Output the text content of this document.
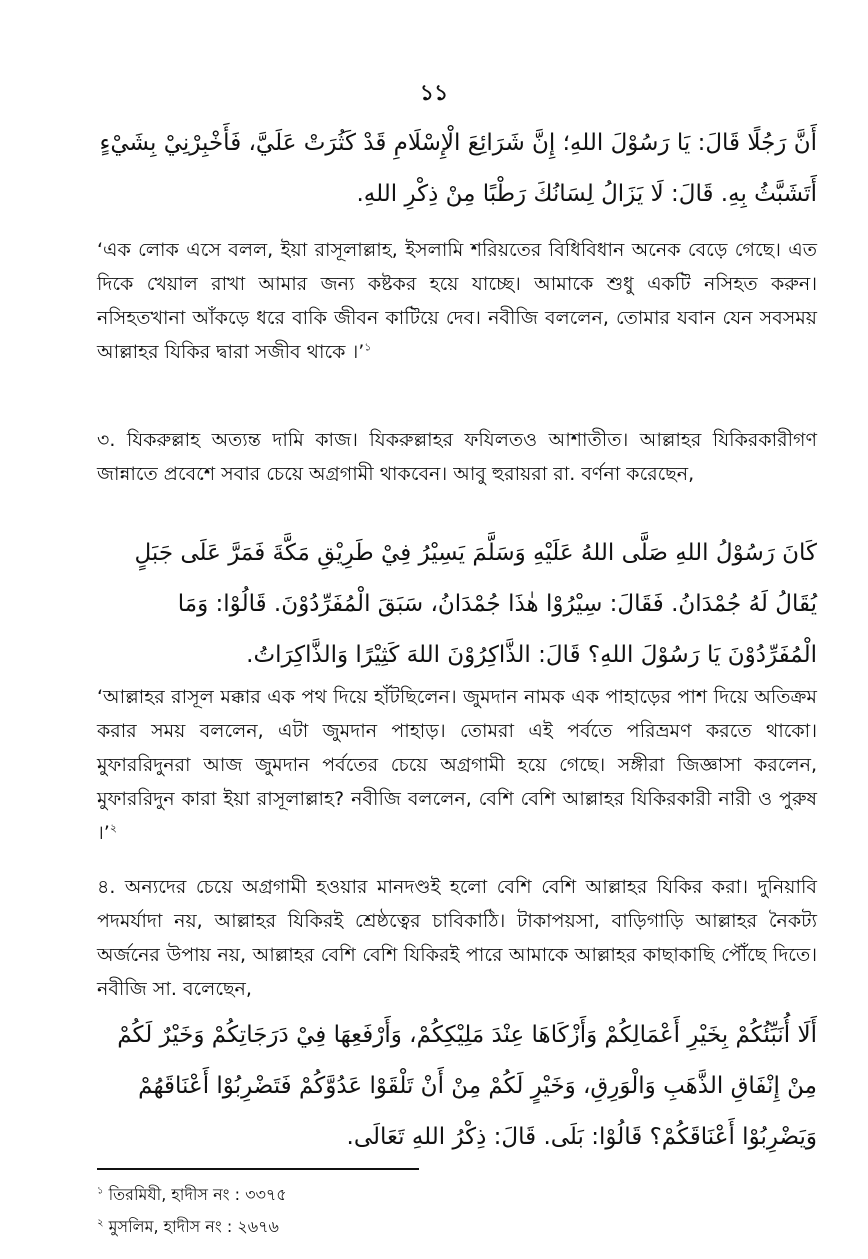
১১
أَنَّ رَجُلًا قَالَ: يَا رَسُوْلَ اللهِ؛ إِنَّ شَرَائِعَ الْإِسْلَامِ قَدْ كَثُرَتْ عَلَيَّ، فَأَخْبِرْنِيْ بِشَيْءٍ أَتَشَبَّثُ بِهِ. قَالَ: لَا يَزَالُ لِسَانُكَ رَطْبًا مِنْ ذِكْرِ اللهِ.
‘এক লোক এসে বলল, ইয়া রাসূলাল্লাহ, ইসলামি শরিয়তের বিধিবিধান অনেক বেড়ে গেছে। এত দিকে খেয়াল রাখা আমার জন্য কষ্টকর হয়ে যাচ্ছে। আমাকে শুধু একটি নসিহত করুন। নসিহতখানা আঁকড়ে ধরে বাকি জীবন কাটিয়ে দেব। নবীজি বললেন, তোমার যবান যেন সবসময় আল্লাহর যিকির দ্বারা সজীব থাকে ।’$^১$
৩. যিকরুল্লাহ অত্যন্ত দামি কাজ। যিকরুল্লাহর ফযিলতও আশাতীত। আল্লাহর যিকিরকারীগণ জান্নাতে প্রবেশে সবার চেয়ে অগ্রগামী থাকবেন। আবু হুরায়রা রা. বর্ণনা করেছেন,
كَانَ رَسُوْلُ اللهِ صَلَّى اللهُ عَلَيْهِ وَسَلَّمَ يَسِيْرُ فِيْ طَرِيْقِ مَكَّةَ فَمَرَّ عَلَى جَبَلٍ يُقَالُ لَهُ جُمْدَانُ. فَقَالَ: سِيْرُوْا هٰذَا جُمْدَانُ، سَبَقَ الْمُفَرِّدُوْنَ. قَالُوْا: وَمَا الْمُفَرِّدُوْنَ يَا رَسُوْلَ اللهِ؟ قَالَ: الذَّاكِرُوْنَ اللهَ كَثِيْرًا وَالذَّاكِرَاتُ.
‘আল্লাহর রাসূল মক্কার এক পথ দিয়ে হাঁটছিলেন। জুমদান নামক এক পাহাড়ের পাশ দিয়ে অতিক্রম করার সময় বললেন, এটা জুমদান পাহাড়। তোমরা এই পর্বতে পরিভ্রমণ করতে থাকো। মুফাররিদুনরা আজ জুমদান পর্বতের চেয়ে অগ্রগামী হয়ে গেছে। সঙ্গীরা জিজ্ঞাসা করলেন, মুফাররিদুন কারা ইয়া রাসূলাল্লাহ? নবীজি বললেন, বেশি বেশি আল্লাহর যিকিরকারী নারী ও পুরুষ ।’$^২$
৪. অন্যদের চেয়ে অগ্রগামী হওয়ার মানদণ্ডই হলো বেশি বেশি আল্লাহর যিকির করা। দুনিয়াবি পদমর্যাদা নয়, আল্লাহর যিকিরই শ্রেষ্ঠত্বের চাবিকাঠি। টাকাপয়সা, বাড়িগাড়ি আল্লাহর নৈকট্য অর্জনের উপায় নয়, আল্লাহর বেশি বেশি যিকিরই পারে আমাকে আল্লাহর কাছাকাছি পৌঁছে দিতে। নবীজি সা. বলেছেন,
أَلَا أُنَبِّئُكُمْ بِخَيْرِ أَعْمَالِكُمْ وَأَزْكَاهَا عِنْدَ مَلِيْكِكُمْ، وَأَرْفَعِهَا فِيْ دَرَجَاتِكُمْ وَخَيْرٌ لَكُمْ مِنْ إِنْفَاقِ الذَّهَبِ وَالْوَرِقِ، وَخَيْرٍ لَكُمْ مِنْ أَنْ تَلْقَوْا عَدُوَّكُمْ فَتَضْرِبُوْا أَعْنَاقَهُمْ وَيَضْرِبُوْا أَعْنَاقَكُمْ؟ قَالُوْا: بَلَى. قَالَ: ذِكْرُ اللهِ تَعَالَى.
$^১$ তিরমিযী, হাদীস নং : ৩৩৭৫
$^২$ মুসলিম, হাদীস নং : ২৬৭৬
